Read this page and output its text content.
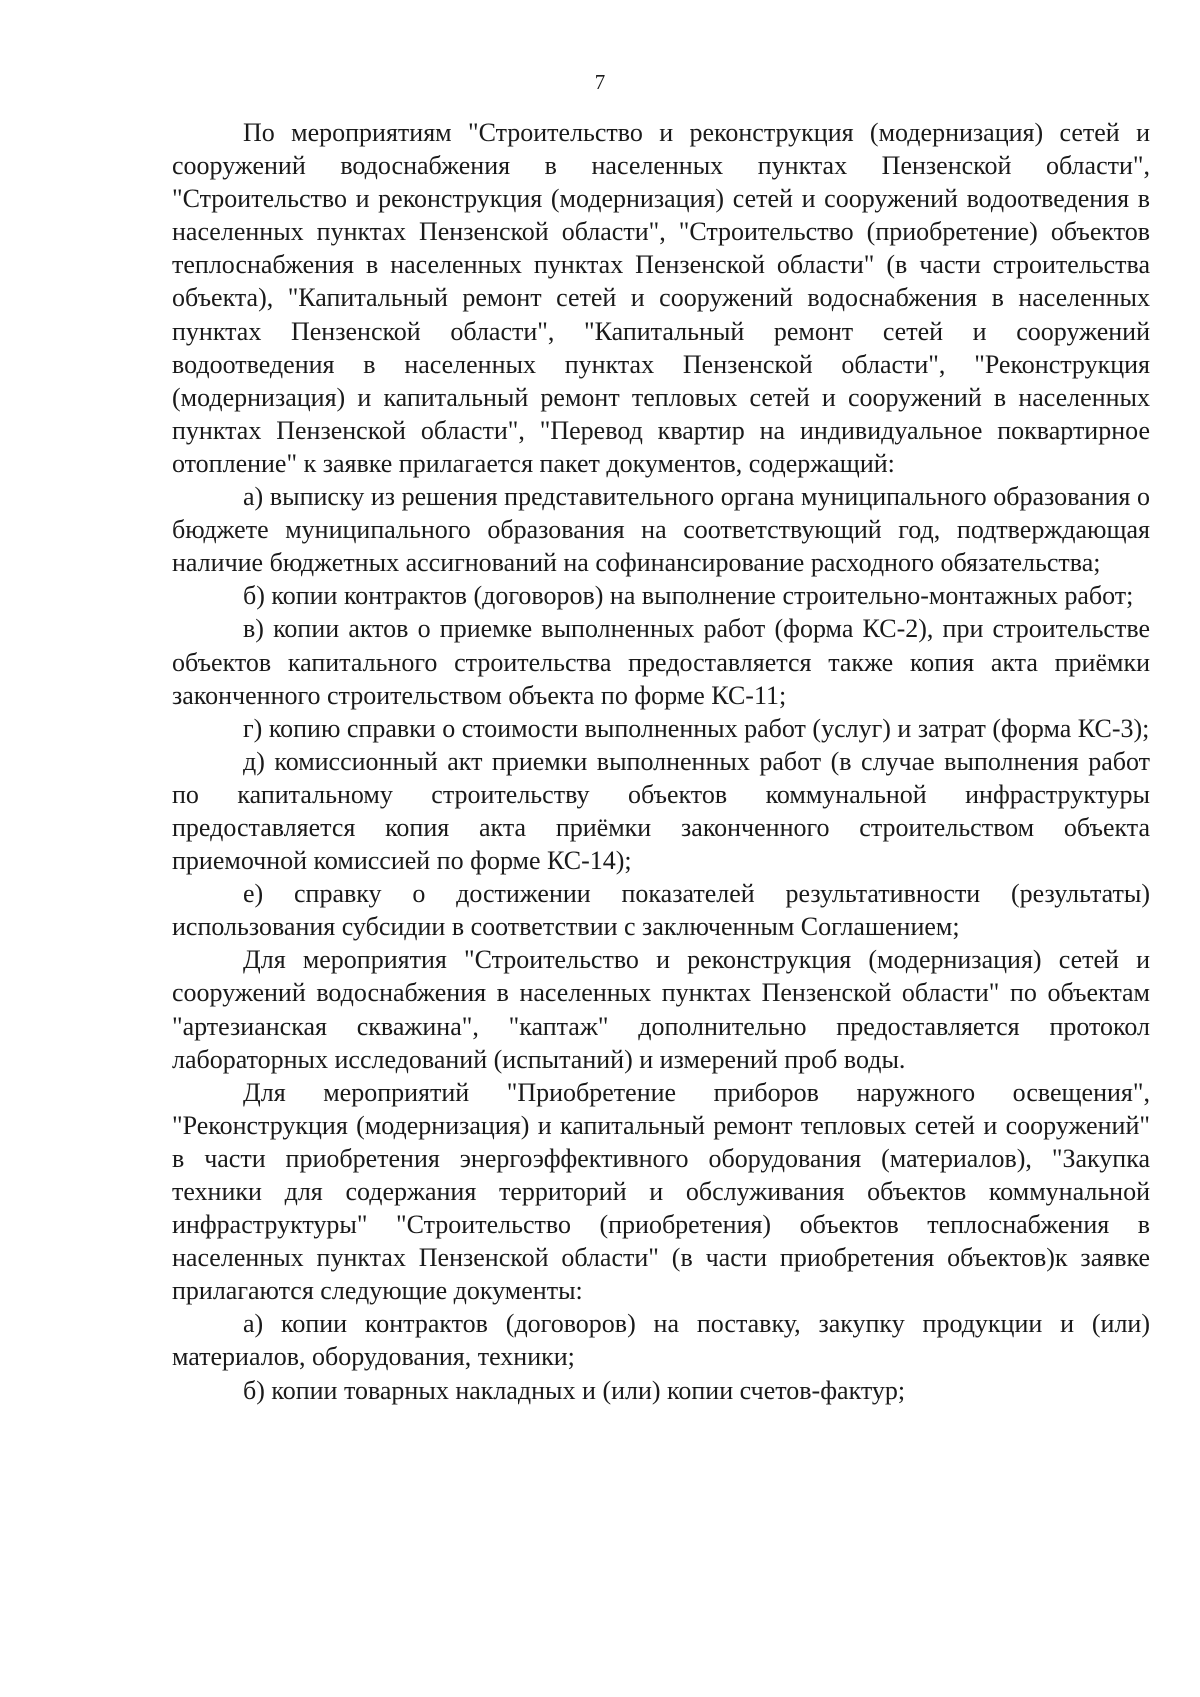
7

По мероприятиям "Строительство и реконструкция (модернизация) сетей и сооружений водоснабжения в населенных пунктах Пензенской области", "Строительство и реконструкция (модернизация) сетей и сооружений водоотведения в населенных пунктах Пензенской области", "Строительство (приобретение) объектов теплоснабжения в населенных пунктах Пензенской области" (в части строительства объекта), "Капитальный ремонт сетей и сооружений водоснабжения в населенных пунктах Пензенской области", "Капитальный ремонт сетей и сооружений водоотведения в населенных пунктах Пензенской области", "Реконструкция (модернизация) и капитальный ремонт тепловых сетей и сооружений в населенных пунктах Пензенской области", "Перевод квартир на индивидуальное поквартирное отопление" к заявке прилагается пакет документов, содержащий:

а) выписку из решения представительного органа муниципального образования о бюджете муниципального образования на соответствующий год, подтверждающая наличие бюджетных ассигнований на софинансирование расходного обязательства;

б) копии контрактов (договоров) на выполнение строительно-монтажных работ;

в) копии актов о приемке выполненных работ (форма КС-2), при строительстве объектов капитального строительства предоставляется также копия акта приёмки законченного строительством объекта по форме КС-11;

г) копию справки о стоимости выполненных работ (услуг) и затрат (форма КС-3);

д) комиссионный акт приемки выполненных работ (в случае выполнения работ по капитальному строительству объектов коммунальной инфраструктуры предоставляется копия акта приёмки законченного строительством объекта приемочной комиссией по форме КС-14);

е) справку о достижении показателей результативности (результаты) использования субсидии в соответствии с заключенным Соглашением;

Для мероприятия "Строительство и реконструкция (модернизация) сетей и сооружений водоснабжения в населенных пунктах Пензенской области" по объектам "артезианская скважина", "каптаж" дополнительно предоставляется протокол лабораторных исследований (испытаний) и измерений проб воды.

Для мероприятий "Приобретение приборов наружного освещения", "Реконструкция (модернизация) и капитальный ремонт тепловых сетей и сооружений" в части приобретения энергоэффективного оборудования (материалов), "Закупка техники для содержания территорий и обслуживания объектов коммунальной инфраструктуры" "Строительство (приобретения) объектов теплоснабжения в населенных пунктах Пензенской области" (в части приобретения объектов)к заявке прилагаются следующие документы:

а) копии контрактов (договоров) на поставку, закупку продукции и (или) материалов, оборудования, техники;

б) копии товарных накладных и (или) копии счетов-фактур;
